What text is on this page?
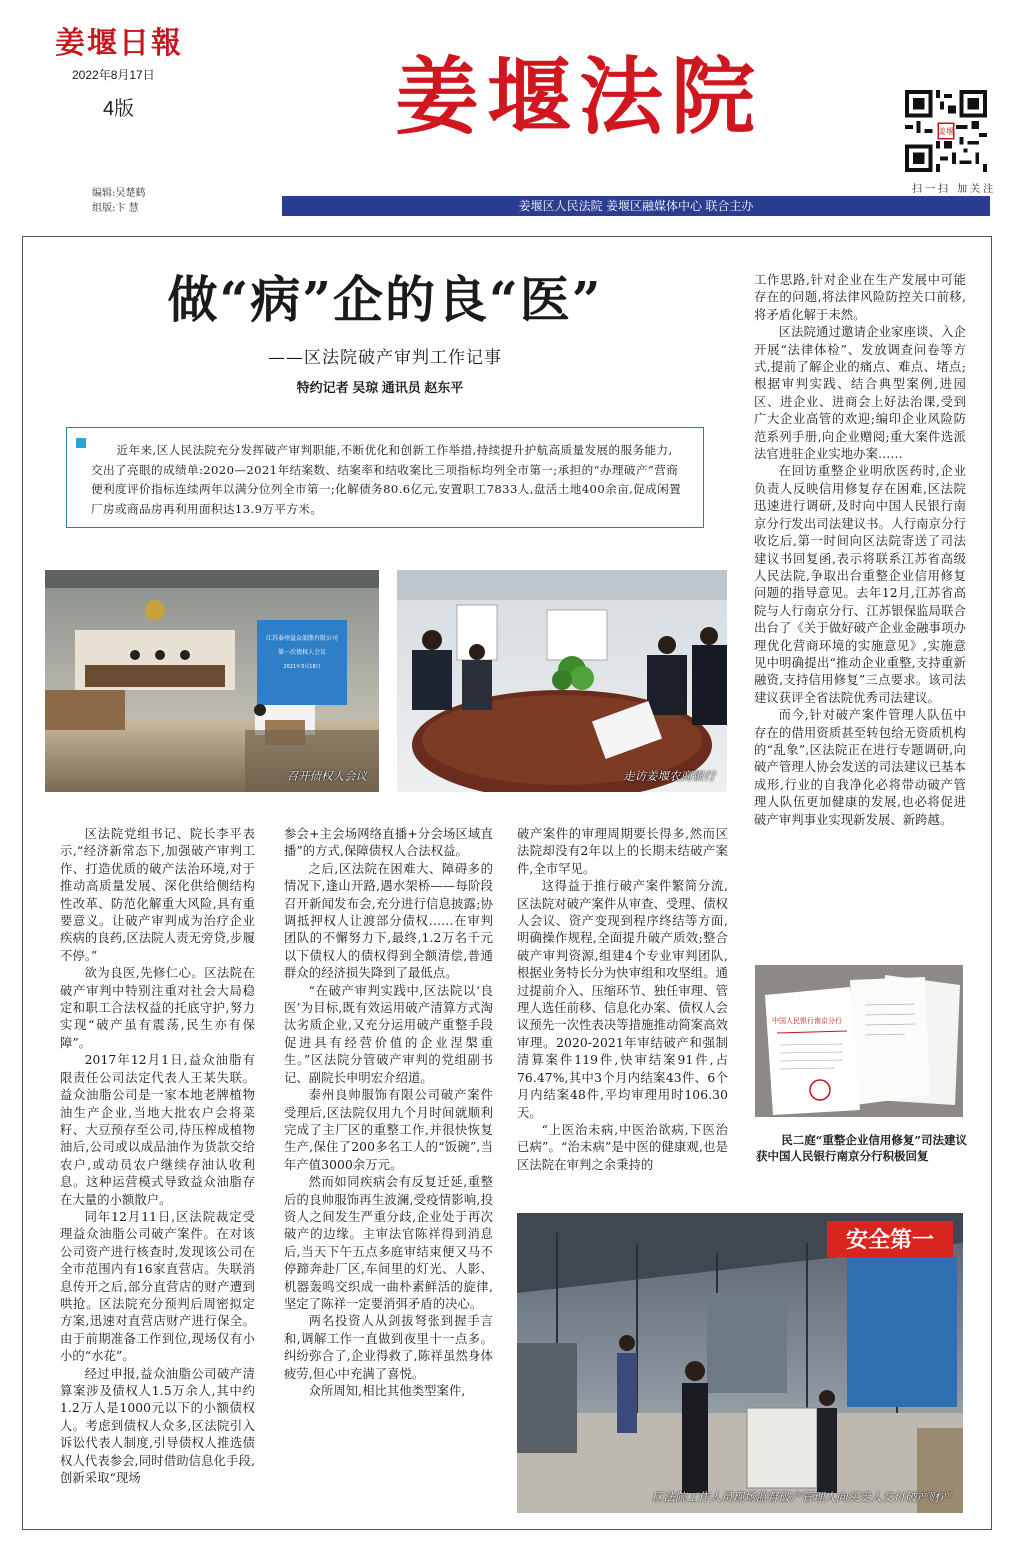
姜堰日報
2022年8月17日
4版	姜堰法院	姜堰
扫一扫 加关注
编辑:吴楚鹤
组版:卞 慧	姜堰区人民法院 姜堰区融媒体中心 联合主办
做“病”企的良“医”
——区法院破产审判工作记事
特约记者 吴琼 通讯员 赵东平

近年来,区人民法院充分发挥破产审判职能,不断优化和创新工作举措,持续提升护航高质量发展的服务能力,交出了亮眼的成绩单:2020—2021年结案数、结案率和结收案比三项指标均列全市第一;承担的“办理破产”营商便利度评价指标连续两年以满分位列全市第一;化解债务80.6亿元,安置职工7833人,盘活土地400余亩,促成闲置厂房或商品房再利用面积达13.9万平方米。

江苏泰州益众油脂有限公司
第一次债权人会议
2021年3月18日
召开债权人会议	走访姜堰农商银行

区法院党组书记、院长李平表示,“经济新常态下,加强破产审判工作、打造优质的破产法治环境,对于推动高质量发展、深化供给侧结构性改革、防范化解重大风险,具有重要意义。让破产审判成为治疗企业疾病的良药,区法院人责无旁贷,步履不停。”

欲为良医,先修仁心。区法院在破产审判中特别注重对社会大局稳定和职工合法权益的托底守护,努力实现“破产虽有震荡,民生亦有保障”。

2017年12月1日,益众油脂有限责任公司法定代表人王某失联。益众油脂公司是一家本地老牌植物油生产企业,当地大批农户会将菜籽、大豆预存至公司,待压榨成植物油后,公司或以成品油作为货款交给农户,或动员农户继续存油认收利息。这种运营模式导致益众油脂存在大量的小额散户。

同年12月11日,区法院裁定受理益众油脂公司破产案件。在对该公司资产进行核查时,发现该公司在全市范围内有16家直营店。失联消息传开之后,部分直营店的财产遭到哄抢。区法院充分预判后周密拟定方案,迅速对直营店财产进行保全。由于前期准备工作到位,现场仅有小小的“水花”。

经过申报,益众油脂公司破产清算案涉及债权人1.5万余人,其中约1.2万人是1000元以下的小额债权人。考虑到债权人众多,区法院引入诉讼代表人制度,引导债权人推选债权人代表参会,同时借助信息化手段,创新采取“现场

参会+主会场网络直播+分会场区域直播”的方式,保障债权人合法权益。

之后,区法院在困难大、障碍多的情况下,逢山开路,遇水架桥——每阶段召开新闻发布会,充分进行信息披露;协调抵押权人让渡部分债权……在审判团队的不懈努力下,最终,1.2万名千元以下债权人的债权得到全额清偿,普通群众的经济损失降到了最低点。

“在破产审判实践中,区法院以‘良医’为目标,既有效运用破产清算方式淘汰劣质企业,又充分运用破产重整手段促进具有经营价值的企业涅槃重生。”区法院分管破产审判的党组副书记、副院长申明宏介绍道。

泰州良帅服饰有限公司破产案件受理后,区法院仅用九个月时间就顺利完成了主厂区的重整工作,并很快恢复生产,保住了200多名工人的“饭碗”,当年产值3000余万元。

然而如同疾病会有反复迁延,重整后的良帅服饰再生波澜,受疫情影响,投资人之间发生严重分歧,企业处于再次破产的边缘。主审法官陈祥得到消息后,当天下午五点多庭审结束便又马不停蹄奔赴厂区,车间里的灯光、人影、机器轰鸣交织成一曲朴素鲜活的旋律,坚定了陈祥一定要消弭矛盾的决心。

两名投资人从剑拔弩张到握手言和,调解工作一直做到夜里十一点多。纠纷弥合了,企业得救了,陈祥虽然身体疲劳,但心中充满了喜悦。

众所周知,相比其他类型案件,

破产案件的审理周期要长得多,然而区法院却没有2年以上的长期未结破产案件,全市罕见。

这得益于推行破产案件繁简分流,区法院对破产案件从审查、受理、债权人会议、资产变现到程序终结等方面,明确操作规程,全面提升破产质效;整合破产审判资源,组建4个专业审判团队,根据业务特长分为快审组和攻坚组。通过提前介入、压缩环节、独任审理、管理人选任前移、信息化办案、债权人会议预先一次性表决等措施推动简案高效审理。2020-2021年审结破产和强制清算案件119件,快审结案91件,占76.47%,其中3个月内结案43件、6个月内结案48件,平均审理用时106.30天。

“上医治未病,中医治欲病,下医治已病”。“治未病”是中医的健康观,也是区法院在审判之余秉持的

工作思路,针对企业在生产发展中可能存在的问题,将法律风险防控关口前移,将矛盾化解于未然。

区法院通过邀请企业家座谈、入企开展“法律体检”、发放调查问卷等方式,提前了解企业的痛点、难点、堵点;根据审判实践、结合典型案例,进园区、进企业、进商会上好法治课,受到广大企业高管的欢迎;编印企业风险防范系列手册,向企业赠阅;重大案件选派法官进驻企业实地办案……

在回访重整企业明欣医药时,企业负责人反映信用修复存在困难,区法院迅速进行调研,及时向中国人民银行南京分行发出司法建议书。人行南京分行收讫后,第一时间向区法院寄送了司法建议书回复函,表示将联系江苏省高级人民法院,争取出台重整企业信用修复问题的指导意见。去年12月,江苏省高院与人行南京分行、江苏银保监局联合出台了《关于做好破产企业金融事项办理优化营商环境的实施意见》,实施意见中明确提出“推动企业重整,支持重新融资,支持信用修复”三点要求。该司法建议获评全省法院优秀司法建议。

而今,针对破产案件管理人队伍中存在的借用资质甚至转包给无资质机构的“乱象”,区法院正在进行专题调研,向破产管理人协会发送的司法建议已基本成形,行业的自我净化必将带动破产管理人队伍更加健康的发展,也必将促进破产审判事业实现新发展、新跨越。

中国人民银行南京分行
民二庭“重整企业信用修复”司法建议获中国人民银行南京分行积极回复
安全第一
区法院工作人员现场监督破产管理人向买受人交付破产财产
